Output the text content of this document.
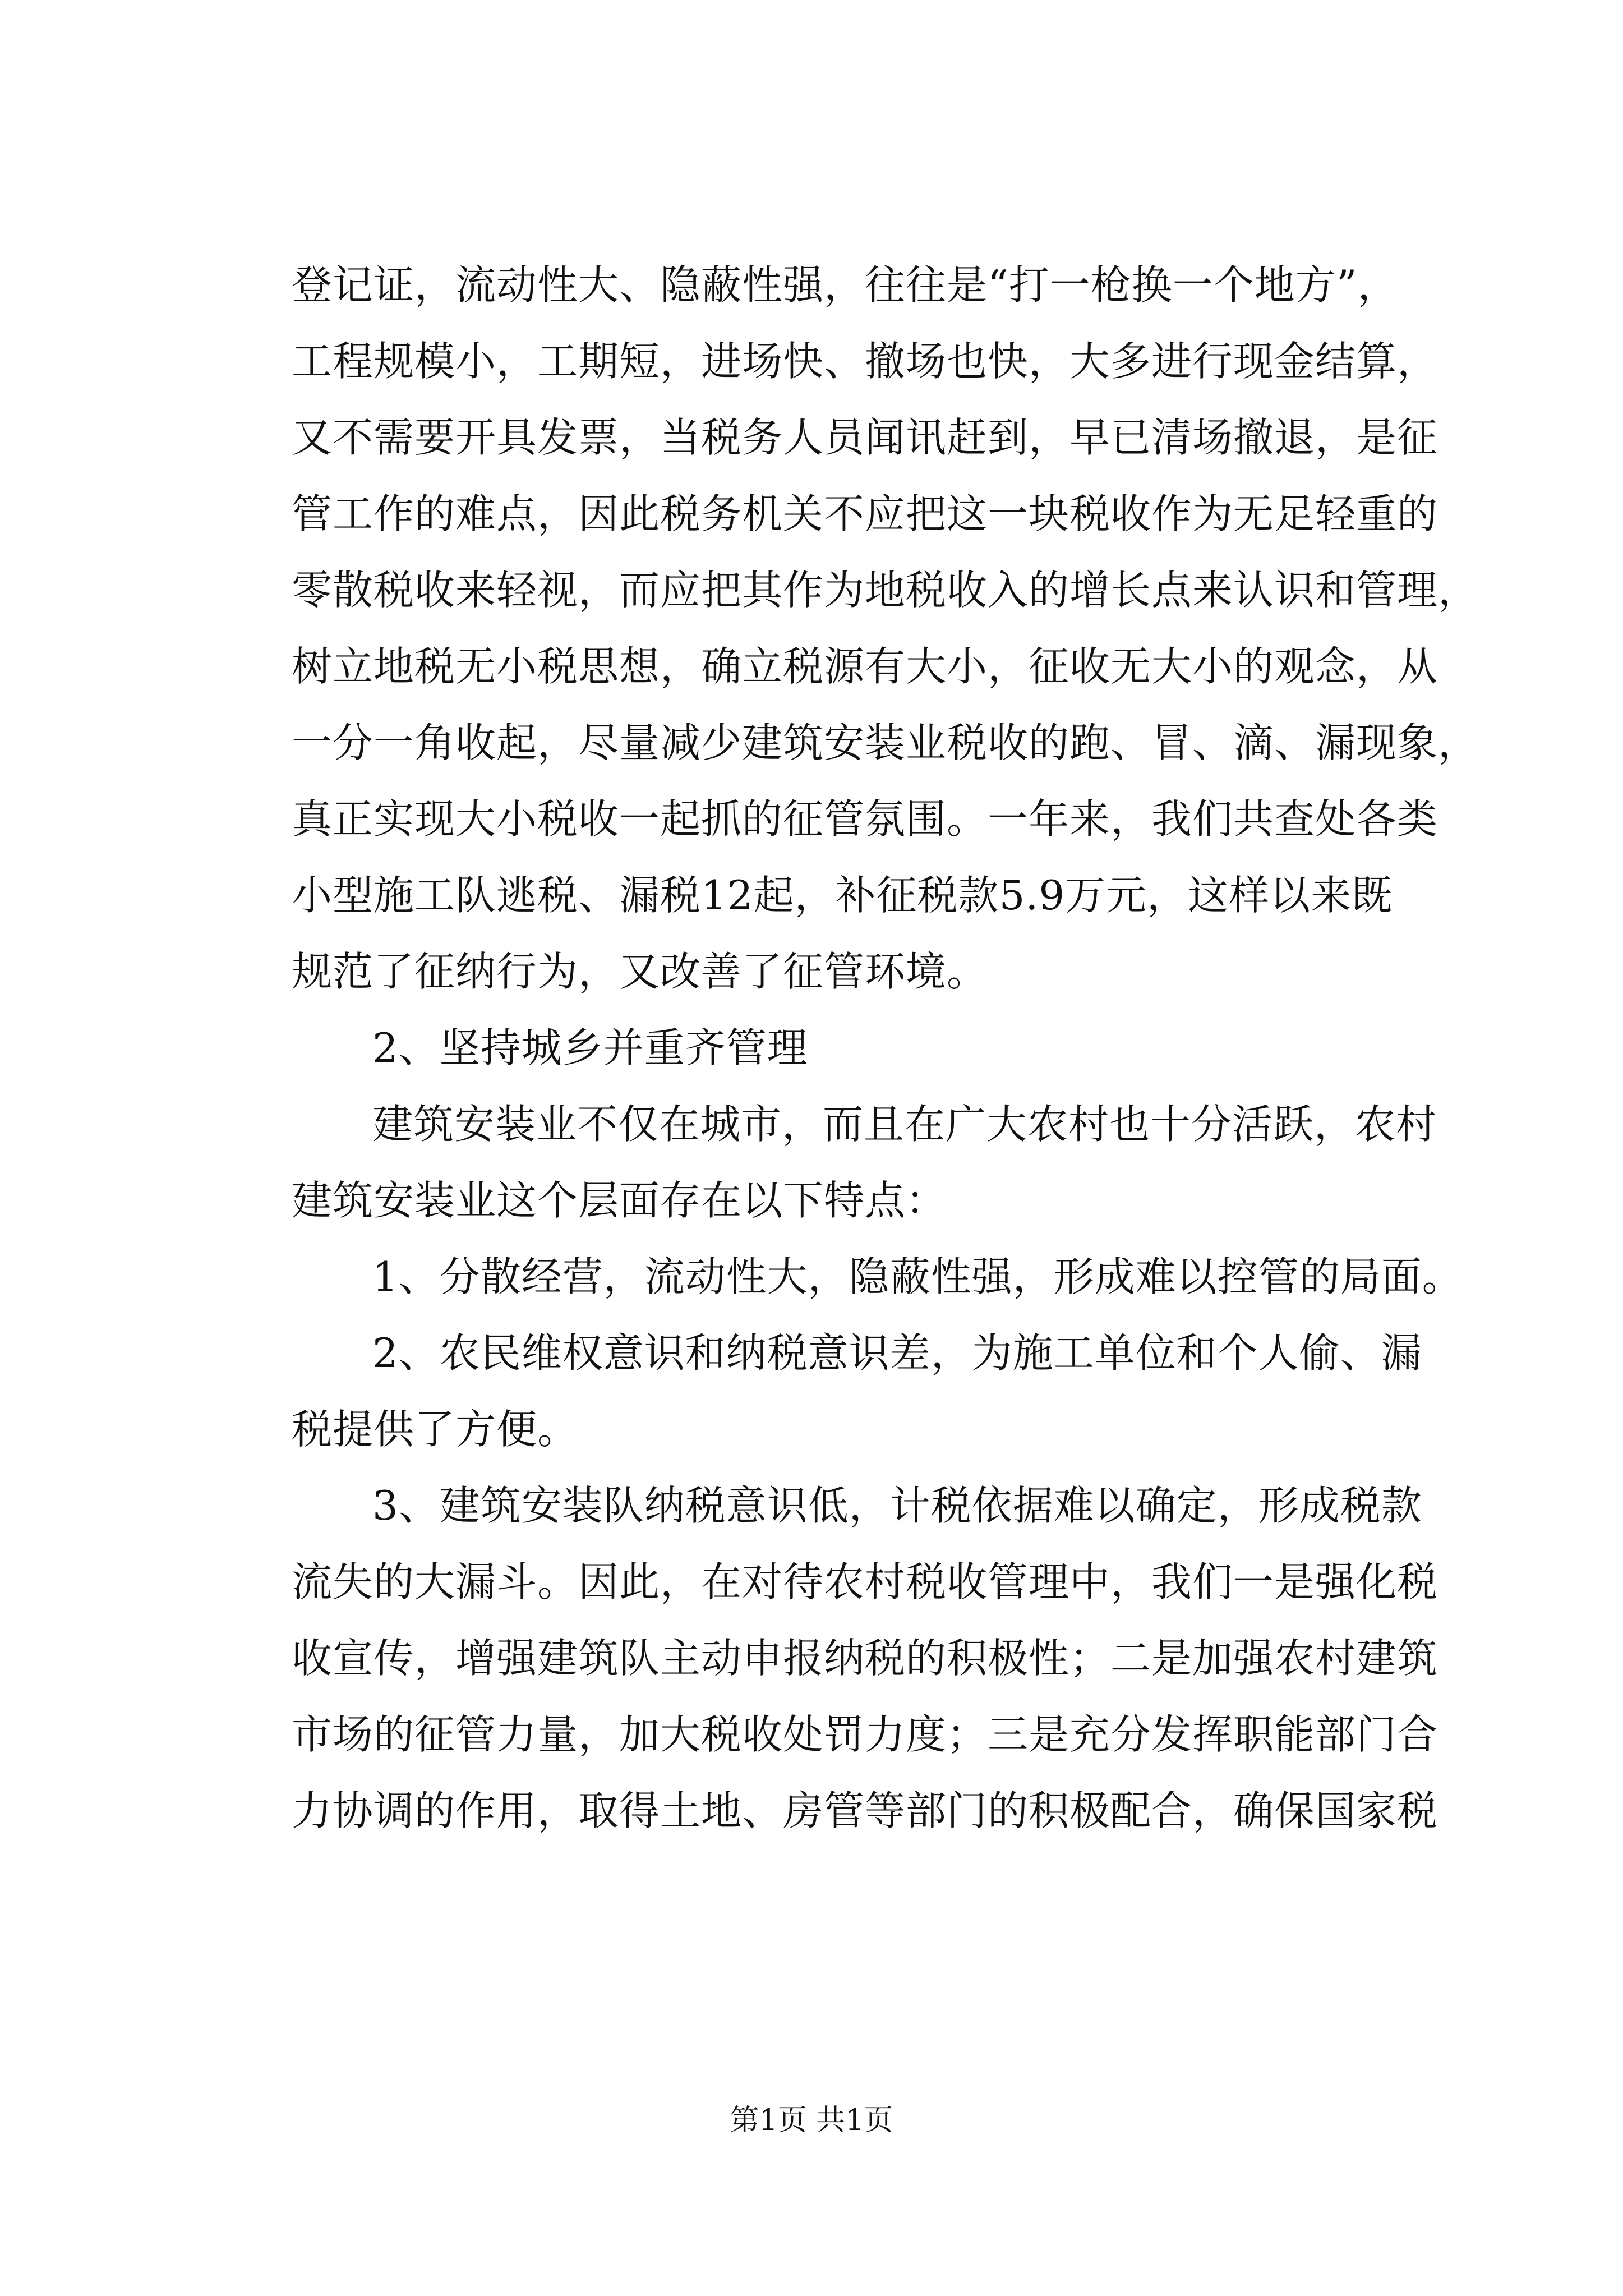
登记证，流动性大、隐蔽性强，往往是“打一枪换一个地方”，
工程规模小，工期短，进场快、撤场也快，大多进行现金结算，
又不需要开具发票，当税务人员闻讯赶到，早已清场撤退，是征
管工作的难点，因此税务机关不应把这一块税收作为无足轻重的
零散税收来轻视，而应把其作为地税收入的增长点来认识和管理，
树立地税无小税思想，确立税源有大小，征收无大小的观念，从
一分一角收起，尽量减少建筑安装业税收的跑、冒、滴、漏现象，
真正实现大小税收一起抓的征管氛围。一年来，我们共查处各类
小型施工队逃税、漏税12起，补征税款5.9万元，这样以来既
规范了征纳行为，又改善了征管环境。
2、坚持城乡并重齐管理
建筑安装业不仅在城市，而且在广大农村也十分活跃，农村
建筑安装业这个层面存在以下特点：
1、分散经营，流动性大，隐蔽性强，形成难以控管的局面。
2、农民维权意识和纳税意识差，为施工单位和个人偷、漏
税提供了方便。
3、建筑安装队纳税意识低，计税依据难以确定，形成税款
流失的大漏斗。因此，在对待农村税收管理中，我们一是强化税
收宣传，增强建筑队主动申报纳税的积极性；二是加强农村建筑
市场的征管力量，加大税收处罚力度；三是充分发挥职能部门合
力协调的作用，取得土地、房管等部门的积极配合，确保国家税
第1页 共1页
